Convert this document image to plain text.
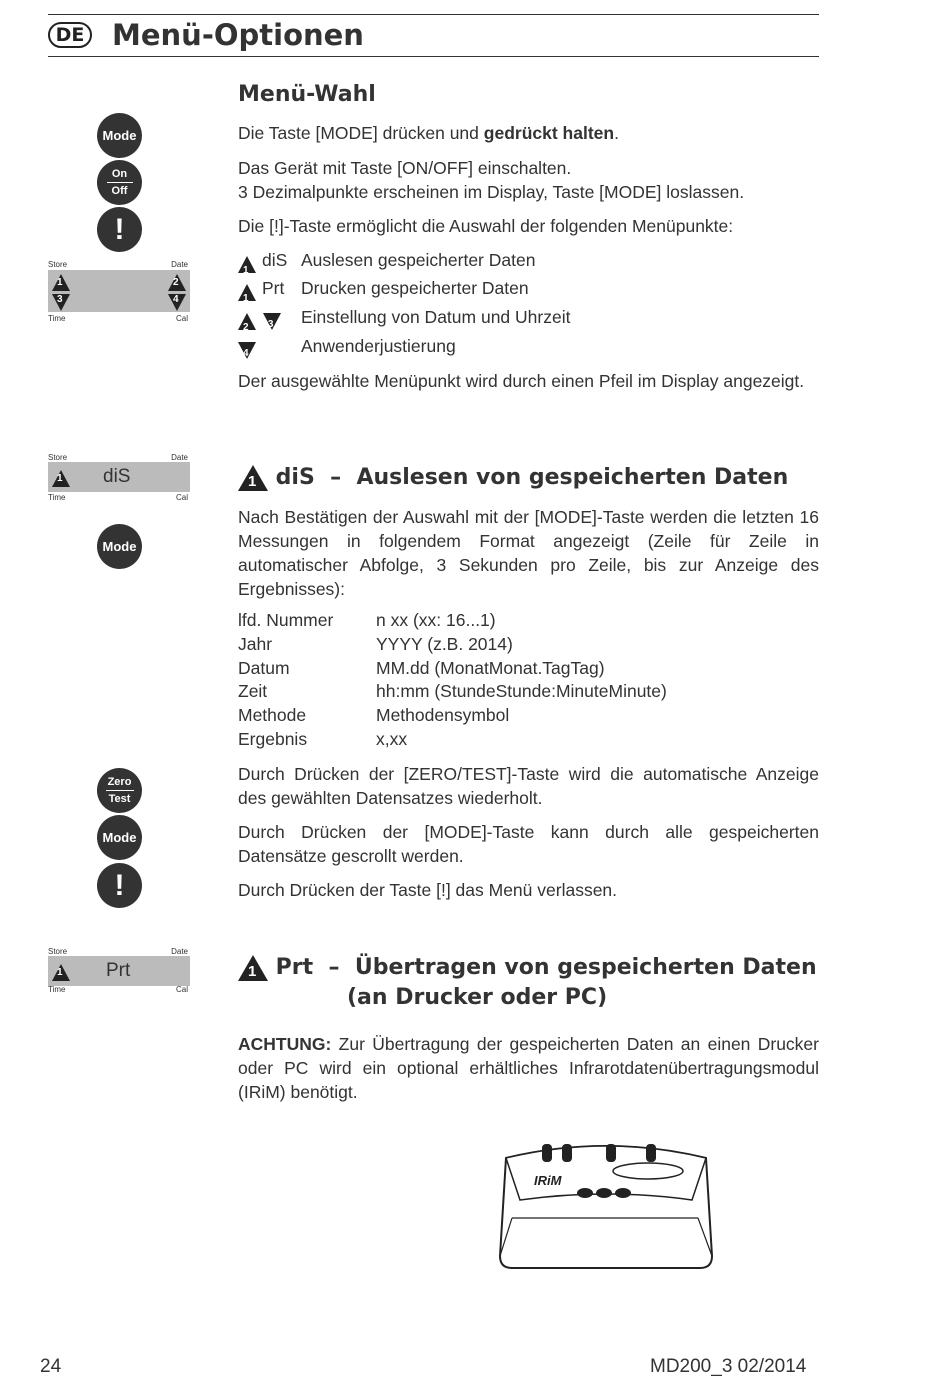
DE Menü-Optionen
Menü-Wahl
Mode
On
Off
!
Die Taste [MODE] drücken und gedrückt halten.
Das Gerät mit Taste [ON/OFF] einschalten.
3 Dezimalpunkte erscheinen im Display, Taste [MODE] loslassen.
Die [!]-Taste ermöglicht die Auswahl der folgenden Menüpunkte:
Store	Date
1	2
3	4
Time	Cal
1
diS Auslesen gespeicherter Daten
1
Prt Drucken gespeicherter Daten
2
3 Einstellung von Datum und Uhrzeit
4	Anwenderjustierung
Der ausgewählte Menüpunkt wird durch einen Pfeil im Display angezeigt.
Store	Date
1 diS
Time	Cal
Mode
1 diS – Auslesen von gespeicherten Daten
Nach Bestätigen der Auswahl mit der [MODE]-Taste werden die letzten 16 Messungen in folgendem Format angezeigt (Zeile für Zeile in automatischer Abfolge, 3 Sekunden pro Zeile, bis zur Anzeige des Ergebnisses):
lfd. Nummer n xx (xx: 16...1)
Jahr	YYYY (z.B. 2014)
Datum	MM.dd (MonatMonat.TagTag)
Zeit	hh:mm (StundeStunde:MinuteMinute)
Methode	Methodensymbol
Ergebnis	x,xx
Zero
Test
Mode
!
Durch Drücken der [ZERO/TEST]-Taste wird die automatische Anzeige des gewählten Datensatzes wiederholt.
Durch Drücken der [MODE]-Taste kann durch alle gespeicherten Datensätze gescrollt werden.
Durch Drücken der Taste [!] das Menü verlassen.
Store	Date
1 Prt
Time	Cal
1 Prt – Übertragen von gespeicherten Daten
(an Drucker oder PC)
ACHTUNG: Zur Übertragung der gespeicherten Daten an einen Drucker oder PC wird ein optional erhältliches Infrarotdatenübertragungsmodul (IRiM) benötigt.
IRiM
24	MD200_3 02/2014
